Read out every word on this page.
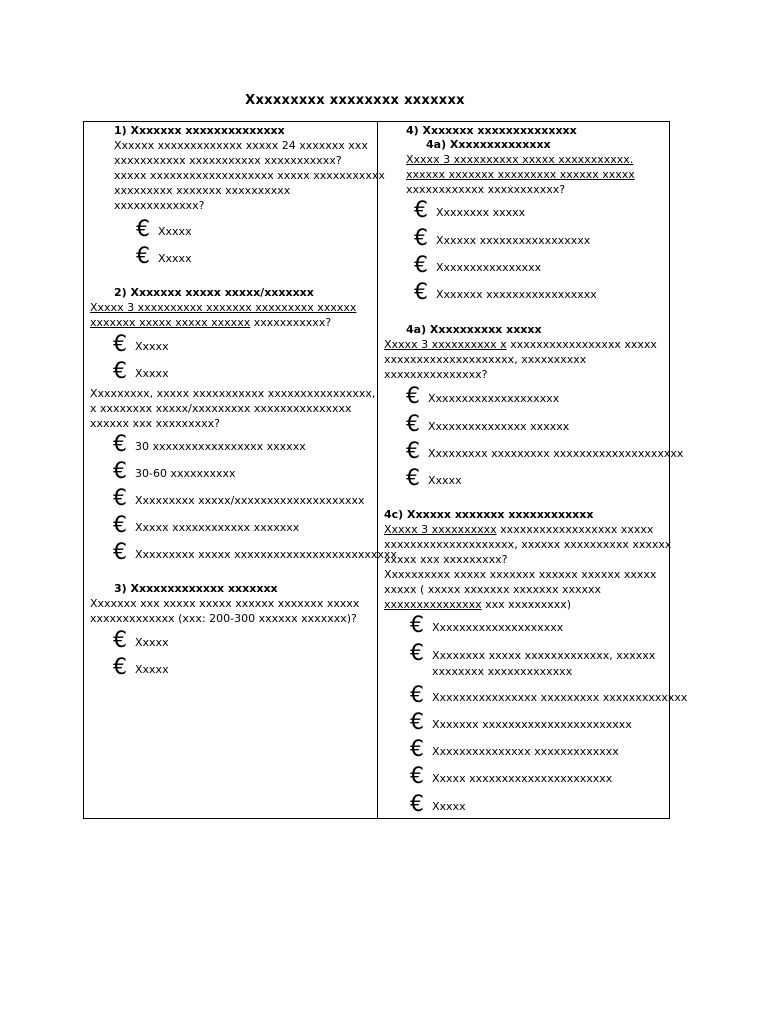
Xxxxxxxxx xxxxxxxx xxxxxxx
1) Xxxxxxx xxxxxxxxxxxxxx
Xxxxxx xxxxxxxxxxxxx xxxxx 24 xxxxxxx xxx
xxxxxxxxxxx xxxxxxxxxxx xxxxxxxxxxx?
xxxxx xxxxxxxxxxxxxxxxxxx xxxxx xxxxxxxxxxx
xxxxxxxxx xxxxxxx xxxxxxxxxx
xxxxxxxxxxxxx?
€ Xxxxx
€ Xxxxx
2) Xxxxxxx xxxxx xxxxx/xxxxxxx
Xxxxx 3 xxxxxxxxxx xxxxxxx xxxxxxxxx xxxxxx
xxxxxxx xxxxx xxxxx xxxxxx xxxxxxxxxxx?
€ Xxxxx
€ Xxxxx
Xxxxxxxxx, xxxxx xxxxxxxxxxx xxxxxxxxxxxxxxxx,
x xxxxxxxx xxxxx/xxxxxxxxx xxxxxxxxxxxxxxx
xxxxxx xxx xxxxxxxxx?
€ 30 xxxxxxxxxxxxxxxxx xxxxxx
€ 30-60 xxxxxxxxxx
€ Xxxxxxxxx xxxxx/xxxxxxxxxxxxxxxxxxxx
€ Xxxxx xxxxxxxxxxxx xxxxxxx
€ Xxxxxxxxx xxxxx xxxxxxxxxxxxxxxxxxxxxxxxx
3) Xxxxxxxxxxxxx xxxxxxx
Xxxxxxx xxx xxxxx xxxxx xxxxxx xxxxxxx xxxxx
xxxxxxxxxxxxx (xxx: 200-300 xxxxxx xxxxxxx)?
€ Xxxxx
€ Xxxxx
4) Xxxxxxx xxxxxxxxxxxxxx
4a) Xxxxxxxxxxxxxx
Xxxxx 3 xxxxxxxxxx xxxxx xxxxxxxxxxx.
xxxxxx xxxxxxx xxxxxxxxx xxxxxx xxxxx
xxxxxxxxxxxx xxxxxxxxxxx?
€ Xxxxxxxx xxxxx
€ Xxxxxx xxxxxxxxxxxxxxxxx
€ Xxxxxxxxxxxxxxxx
€ Xxxxxxx xxxxxxxxxxxxxxxxx
4a) Xxxxxxxxxx xxxxx
Xxxxx 3 xxxxxxxxxx x xxxxxxxxxxxxxxxxx xxxxx
xxxxxxxxxxxxxxxxxxxx, xxxxxxxxxx
xxxxxxxxxxxxxxx?
€ Xxxxxxxxxxxxxxxxxxxx
€ Xxxxxxxxxxxxxxx xxxxxx
€ Xxxxxxxxx xxxxxxxxx xxxxxxxxxxxxxxxxxxxx
€ Xxxxx
4c) Xxxxxx xxxxxxx xxxxxxxxxxxx
Xxxxx 3 xxxxxxxxxx xxxxxxxxxxxxxxxxxx xxxxx
xxxxxxxxxxxxxxxxxxxx, xxxxxx xxxxxxxxxx xxxxxx
xxxxx xxx xxxxxxxxx?
Xxxxxxxxxx xxxxx xxxxxxx xxxxxx xxxxxx xxxxx
xxxxx ( xxxxx xxxxxxx xxxxxxx xxxxxx
xxxxxxxxxxxxxxx xxx xxxxxxxxx)
€ Xxxxxxxxxxxxxxxxxxxx
€ Xxxxxxxx xxxxx xxxxxxxxxxxxx, xxxxxx
xxxxxxxx xxxxxxxxxxxxx
€ Xxxxxxxxxxxxxxxx xxxxxxxxx xxxxxxxxxxxxx
€ Xxxxxxx xxxxxxxxxxxxxxxxxxxxxxx
€ Xxxxxxxxxxxxxxx xxxxxxxxxxxxx
€ Xxxxx xxxxxxxxxxxxxxxxxxxxxx
€ Xxxxx
